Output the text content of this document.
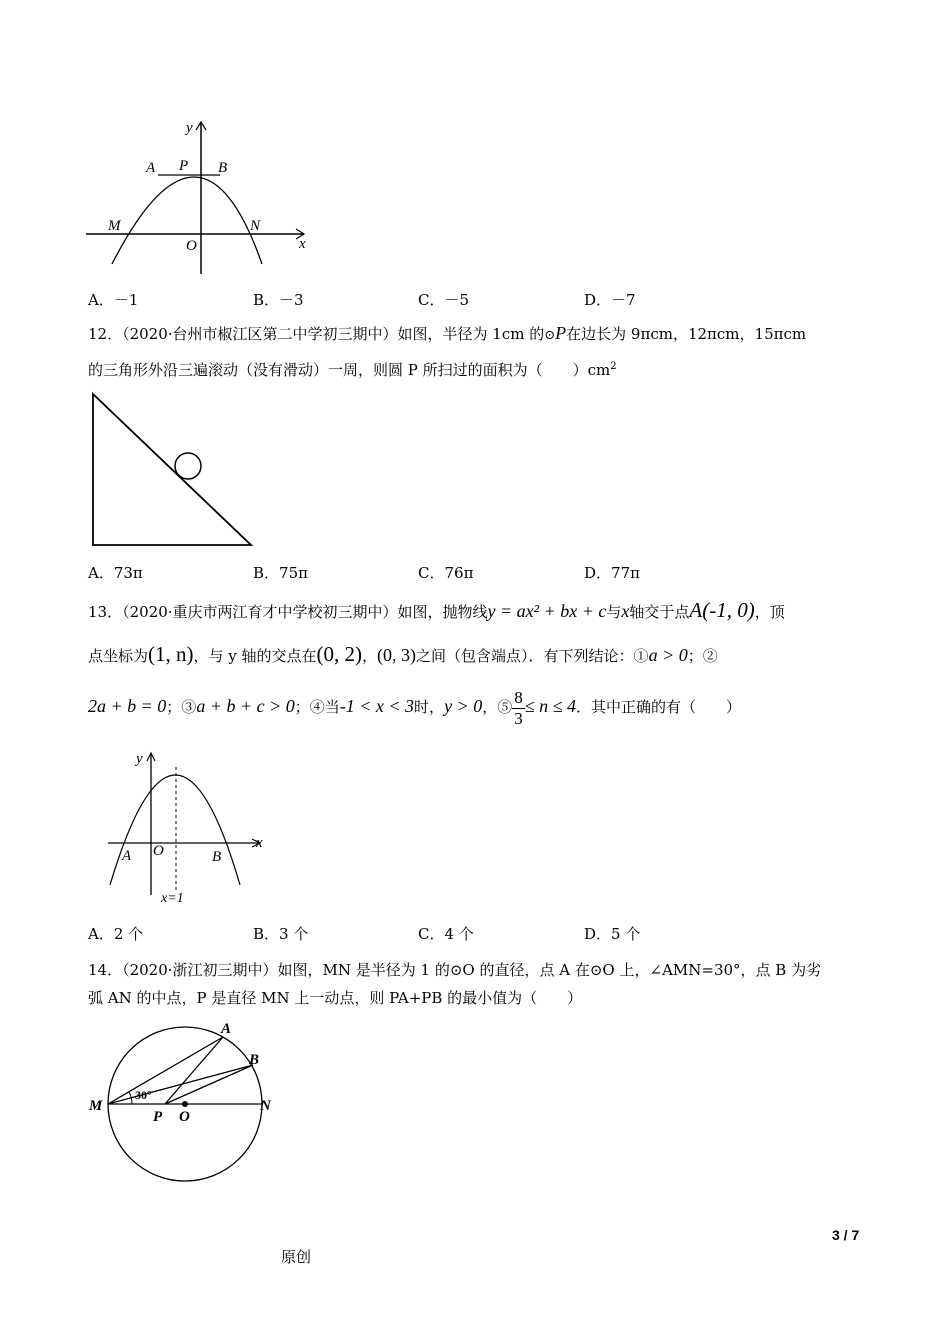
y
A P B
M	N
O	x
A．－1	B．－3	C．－5	D．－7
12．（2020·台州市椒江区第二中学初三期中）如图，半径为 1cm 的⊙P在边长为 9πcm，12πcm，15πcm
的三角形外沿三遍滚动（没有滑动）一周，则圆 P 所扫过的面积为（　　）$cm^2$
A．73π	B．75π	C．76π	D．77π
13．（2020·重庆市两江育才中学校初三期中）如图，抛物线y = ax² + bx + c与x轴交于点A(-1, 0)，顶
点坐标为(1, n)，与 y 轴的交点在(0, 2)，(0, 3)之间（包含端点）．有下列结论：①a > 0；②
2a + b = 0；③a + b + c > 0；④当-1 < x < 3时，y > 0，⑤ $\frac{8}{3} \le n \le 4$．其中正确的有（　　）
y
x
A O	B
x=1
A．2 个	B．3 个	C．4 个	D．5 个
14．（2020·浙江初三期中）如图，MN 是半径为 1 的⊙O 的直径，点 A 在⊙O 上，∠AMN=30°，点 B 为劣
弧 AN 的中点，P 是直径 MN 上一动点，则 PA+PB 的最小值为（　　）
A
B
M	N
P O
30°
3 / 7
原创
